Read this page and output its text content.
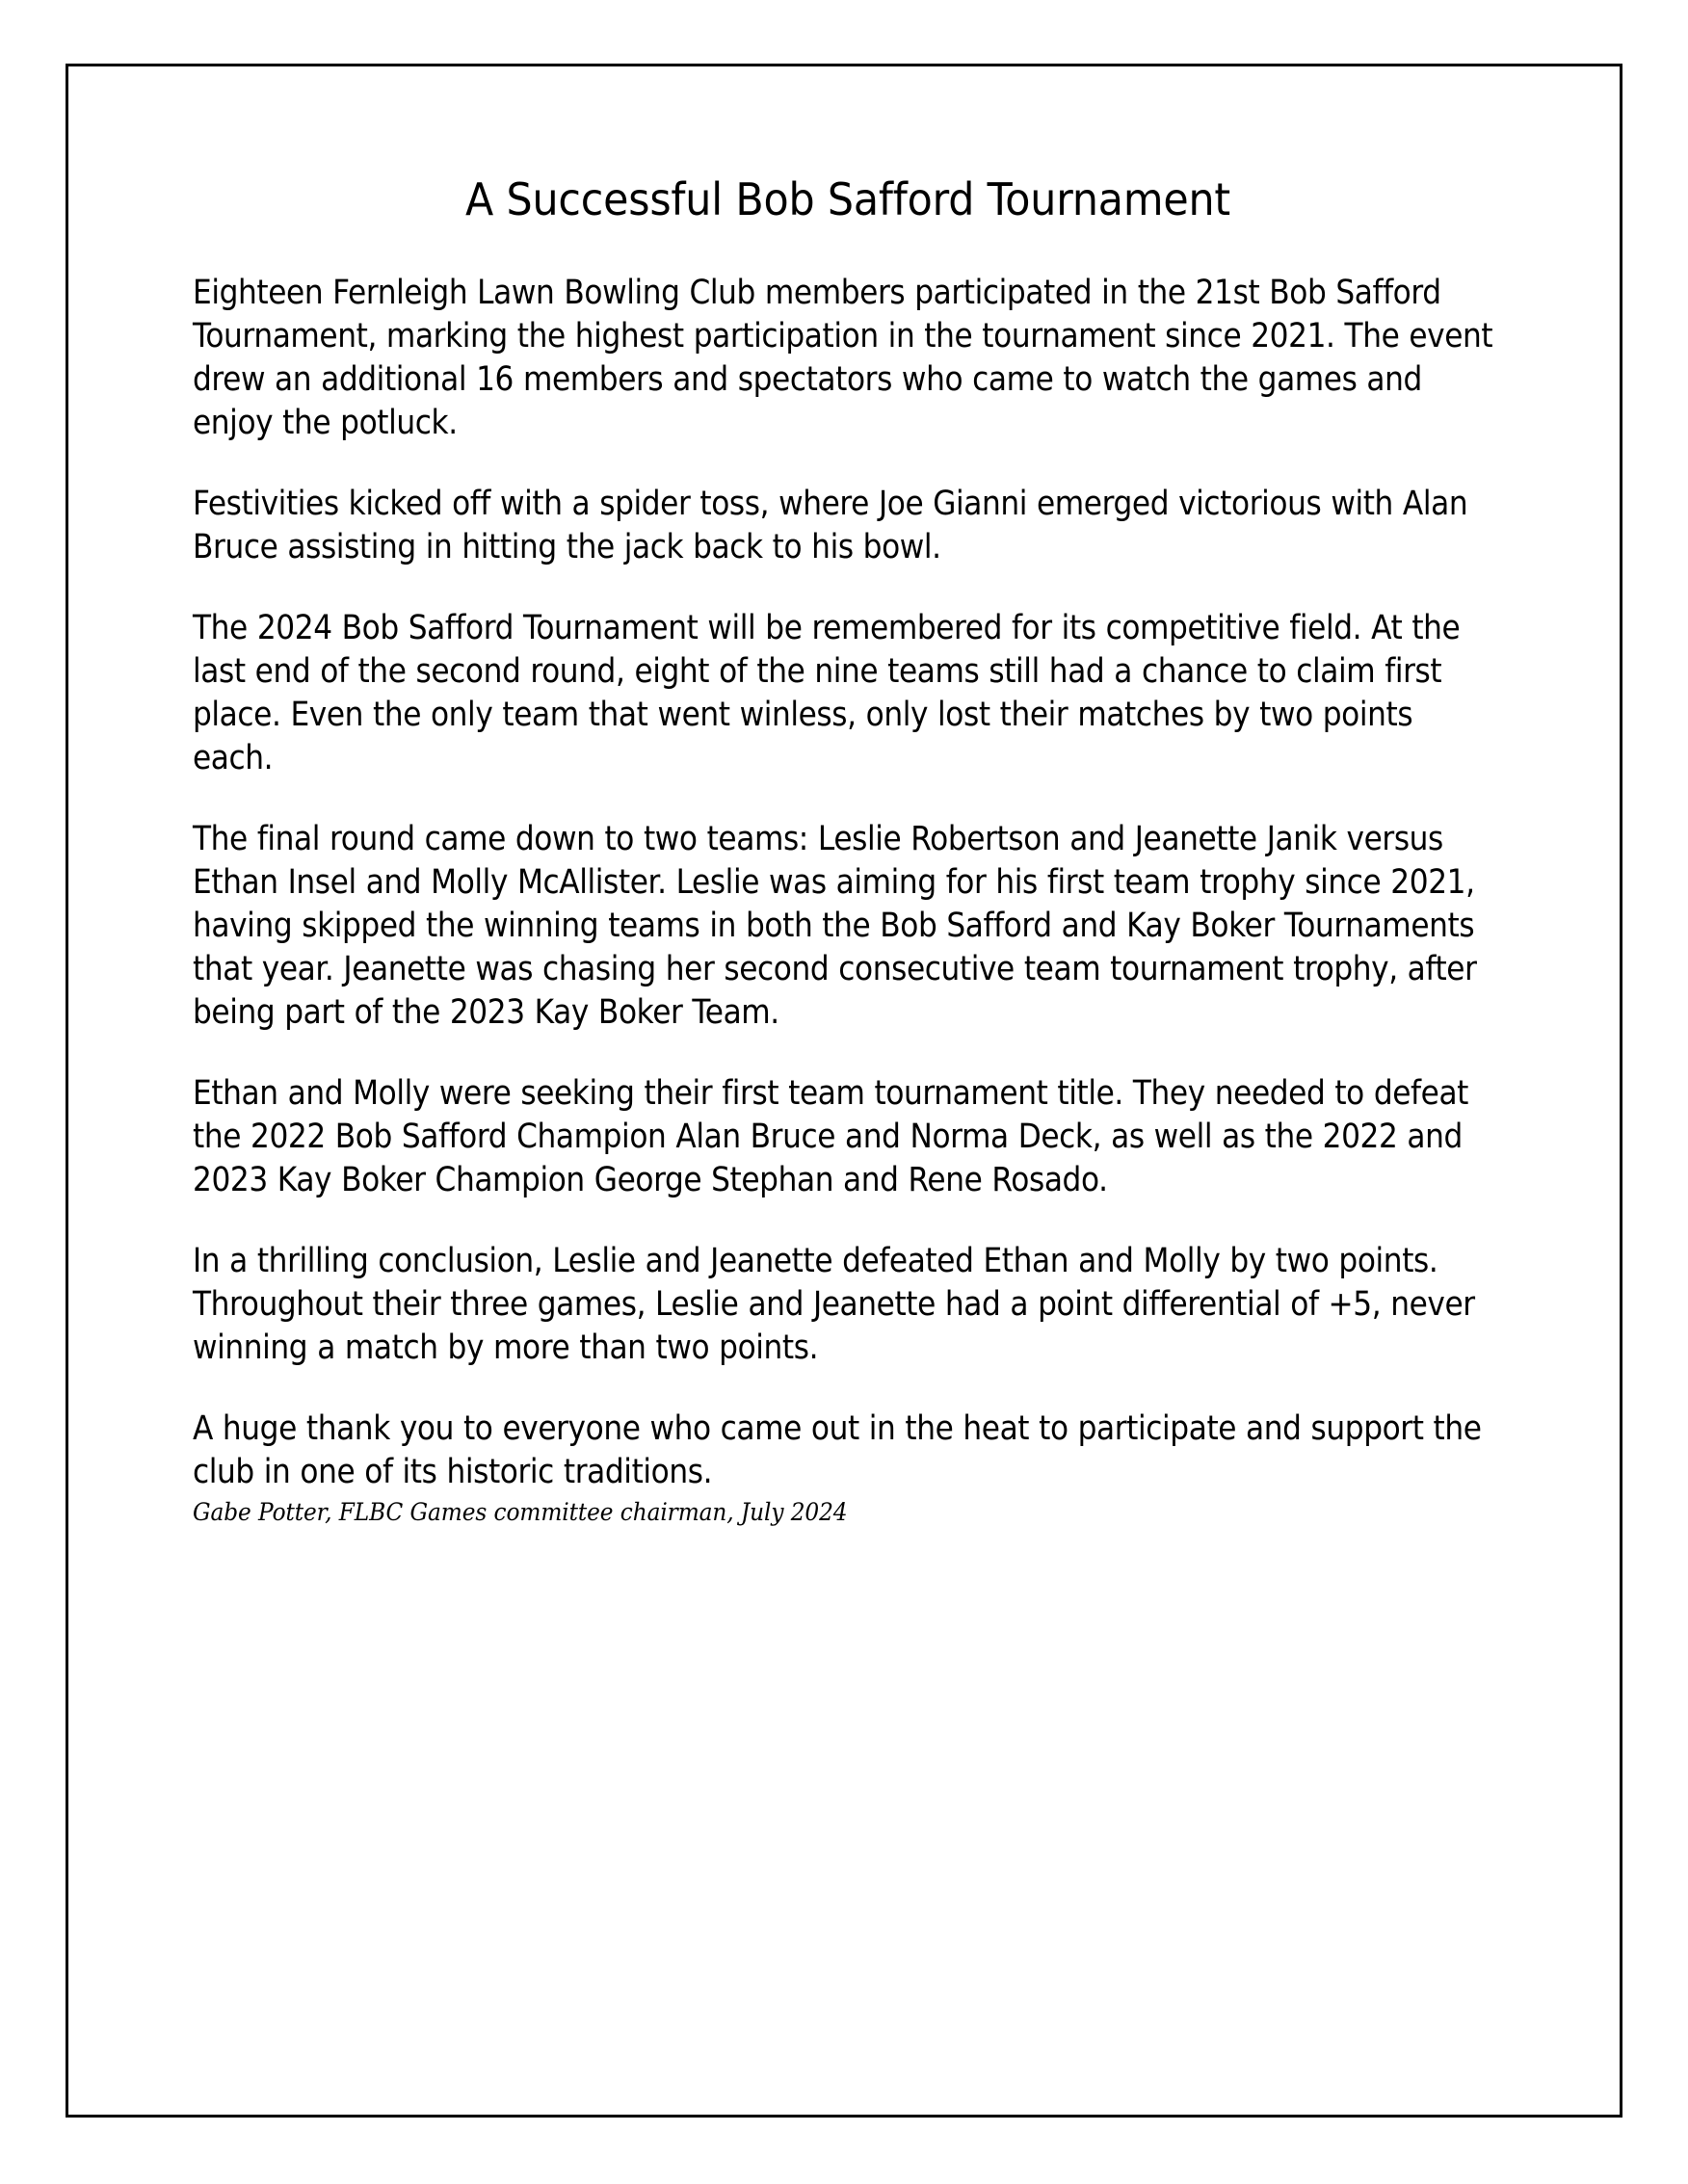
A Successful Bob Safford Tournament

Eighteen Fernleigh Lawn Bowling Club members participated in the 21st Bob Safford Tournament, marking the highest participation in the tournament since 2021. The event drew an additional 16 members and spectators who came to watch the games and enjoy the potluck.

Festivities kicked off with a spider toss, where Joe Gianni emerged victorious with Alan Bruce assisting in hitting the jack back to his bowl.

The 2024 Bob Safford Tournament will be remembered for its competitive field. At the last end of the second round, eight of the nine teams still had a chance to claim first place. Even the only team that went winless, only lost their matches by two points each.

The final round came down to two teams: Leslie Robertson and Jeanette Janik versus Ethan Insel and Molly McAllister. Leslie was aiming for his first team trophy since 2021, having skipped the winning teams in both the Bob Safford and Kay Boker Tournaments that year. Jeanette was chasing her second consecutive team tournament trophy, after being part of the 2023 Kay Boker Team.

Ethan and Molly were seeking their first team tournament title. They needed to defeat the 2022 Bob Safford Champion Alan Bruce and Norma Deck, as well as the 2022 and 2023 Kay Boker Champion George Stephan and Rene Rosado.

In a thrilling conclusion, Leslie and Jeanette defeated Ethan and Molly by two points. Throughout their three games, Leslie and Jeanette had a point differential of +5, never winning a match by more than two points.

A huge thank you to everyone who came out in the heat to participate and support the club in one of its historic traditions.

Gabe Potter, FLBC Games committee chairman, July 2024
